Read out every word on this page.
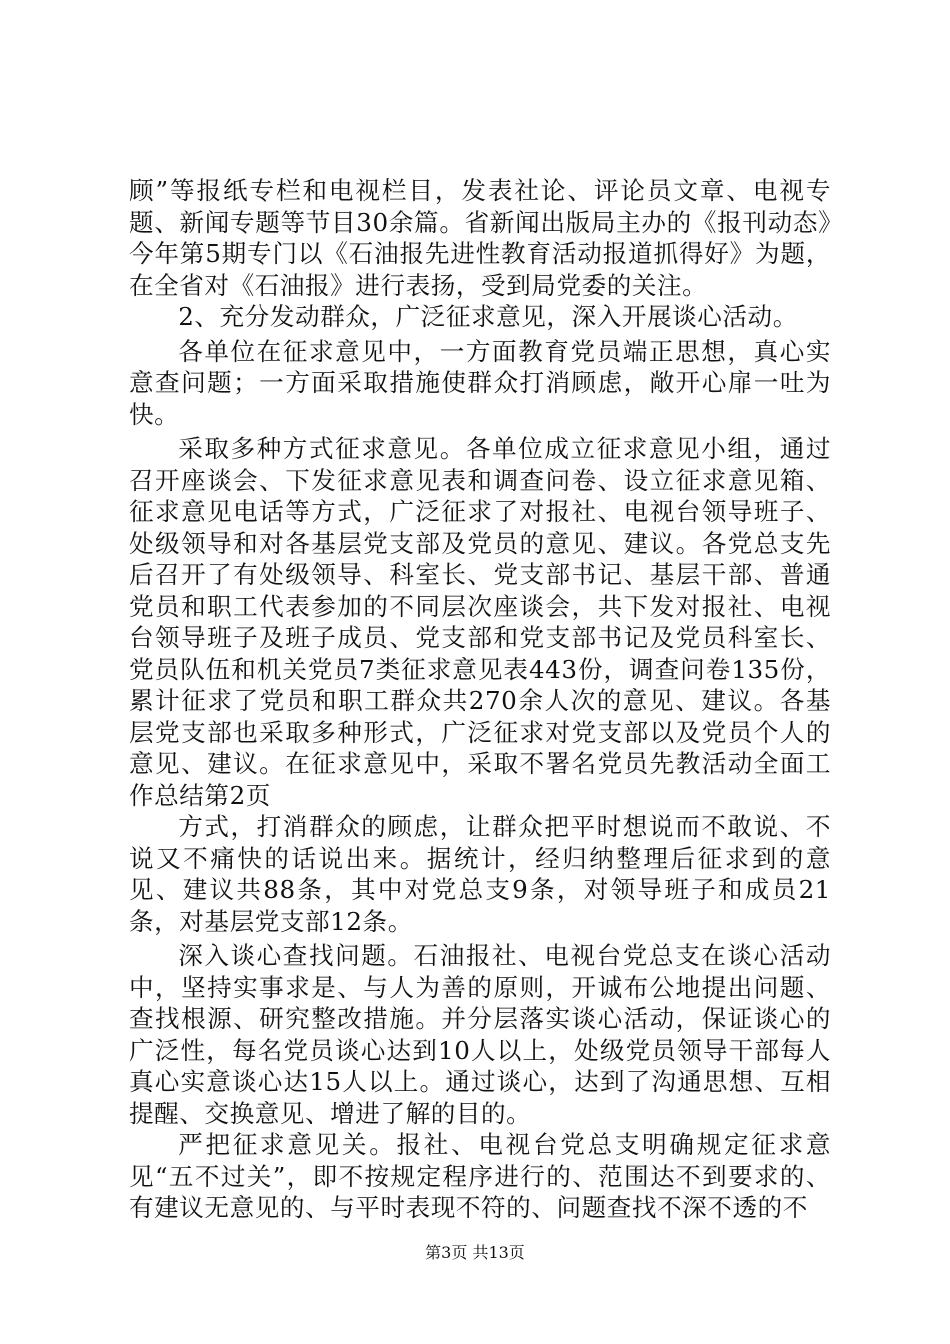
顾”等报纸专栏和电视栏目，发表社论、评论员文章、电视专题、新闻专题等节目30余篇。省新闻出版局主办的《报刊动态》今年第5期专门以《石油报先进性教育活动报道抓得好》为题，在全省对《石油报》进行表扬，受到局党委的关注。

2、充分发动群众，广泛征求意见，深入开展谈心活动。

各单位在征求意见中，一方面教育党员端正思想，真心实意查问题；一方面采取措施使群众打消顾虑，敞开心扉一吐为快。

采取多种方式征求意见。各单位成立征求意见小组，通过召开座谈会、下发征求意见表和调查问卷、设立征求意见箱、征求意见电话等方式，广泛征求了对报社、电视台领导班子、处级领导和对各基层党支部及党员的意见、建议。各党总支先后召开了有处级领导、科室长、党支部书记、基层干部、普通党员和职工代表参加的不同层次座谈会，共下发对报社、电视台领导班子及班子成员、党支部和党支部书记及党员科室长、党员队伍和机关党员7类征求意见表443份，调查问卷135份，累计征求了党员和职工群众共270余人次的意见、建议。各基层党支部也采取多种形式，广泛征求对党支部以及党员个人的意见、建议。在征求意见中，采取不署名党员先教活动全面工作总结第2页

方式，打消群众的顾虑，让群众把平时想说而不敢说、不说又不痛快的话说出来。据统计，经归纳整理后征求到的意见、建议共88条，其中对党总支9条，对领导班子和成员21条，对基层党支部12条。

深入谈心查找问题。石油报社、电视台党总支在谈心活动中，坚持实事求是、与人为善的原则，开诚布公地提出问题、查找根源、研究整改措施。并分层落实谈心活动，保证谈心的广泛性，每名党员谈心达到10人以上，处级党员领导干部每人真心实意谈心达15人以上。通过谈心，达到了沟通思想、互相提醒、交换意见、增进了解的目的。

严把征求意见关。报社、电视台党总支明确规定征求意见“五不过关”，即不按规定程序进行的、范围达不到要求的、有建议无意见的、与平时表现不符的、问题查找不深不透的不

第3页 共13页
